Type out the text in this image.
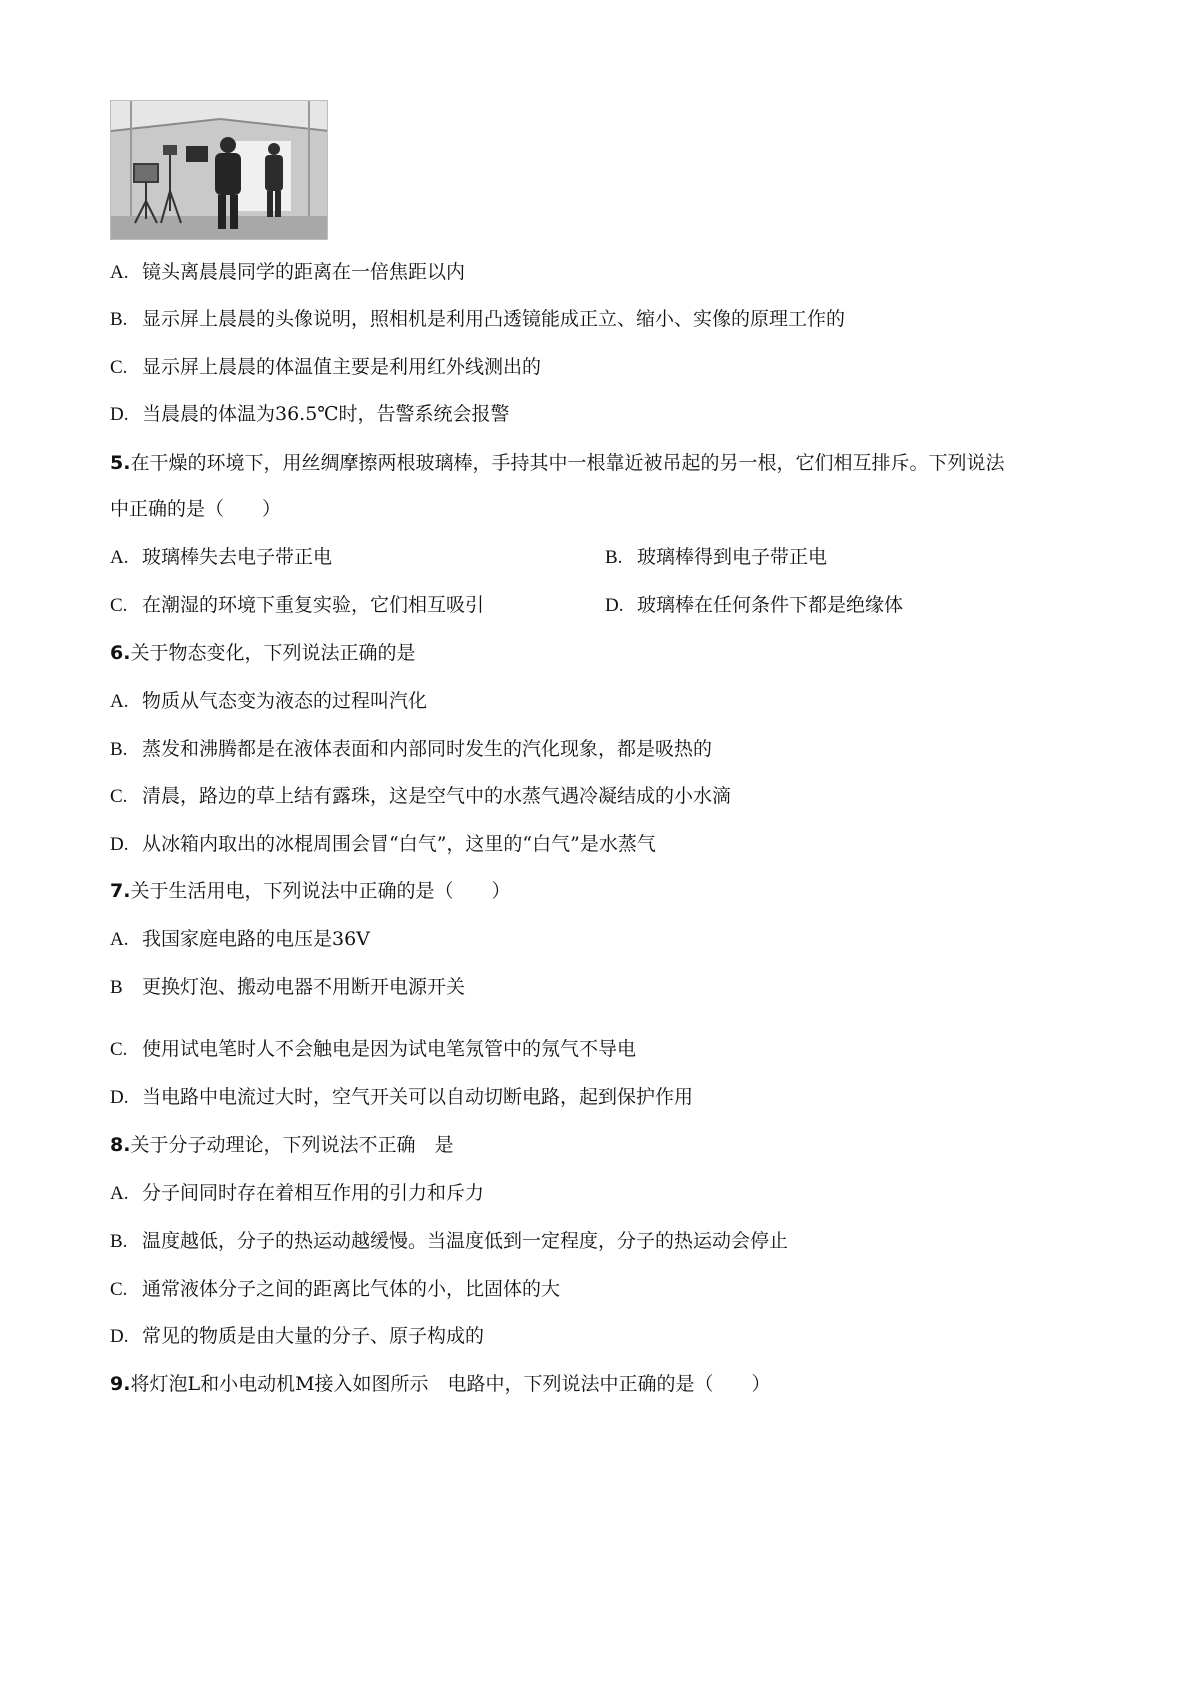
A. 镜头离晨晨同学的距离在一倍焦距以内
B. 显示屏上晨晨的头像说明，照相机是利用凸透镜能成正立、缩小、实像的原理工作的
C. 显示屏上晨晨的体温值主要是利用红外线测出的
D. 当晨晨的体温为36.5℃时，告警系统会报警
5.在干燥的环境下，用丝绸摩擦两根玻璃棒，手持其中一根靠近被吊起的另一根，它们相互排斥。下列说法
中正确的是（　　）
A. 玻璃棒失去电子带正电	B. 玻璃棒得到电子带正电
C. 在潮湿的环境下重复实验，它们相互吸引	D. 玻璃棒在任何条件下都是绝缘体
6.关于物态变化，下列说法正确的是
A. 物质从气态变为液态的过程叫汽化
B. 蒸发和沸腾都是在液体表面和内部同时发生的汽化现象，都是吸热的
C. 清晨，路边的草上结有露珠，这是空气中的水蒸气遇冷凝结成的小水滴
D. 从冰箱内取出的冰棍周围会冒“白气”，这里的“白气”是水蒸气
7.关于生活用电，下列说法中正确的是（　　）
A. 我国家庭电路的电压是36V
B 更换灯泡、搬动电器不用断开电源开关
C. 使用试电笔时人不会触电是因为试电笔氖管中的氖气不导电
D. 当电路中电流过大时，空气开关可以自动切断电路，起到保护作用
8.关于分子动理论，下列说法不正确　是
A. 分子间同时存在着相互作用的引力和斥力
B. 温度越低，分子的热运动越缓慢。当温度低到一定程度，分子的热运动会停止
C. 通常液体分子之间的距离比气体的小，比固体的大
D. 常见的物质是由大量的分子、原子构成的
9.将灯泡L和小电动机M接入如图所示　电路中，下列说法中正确的是（　　）
